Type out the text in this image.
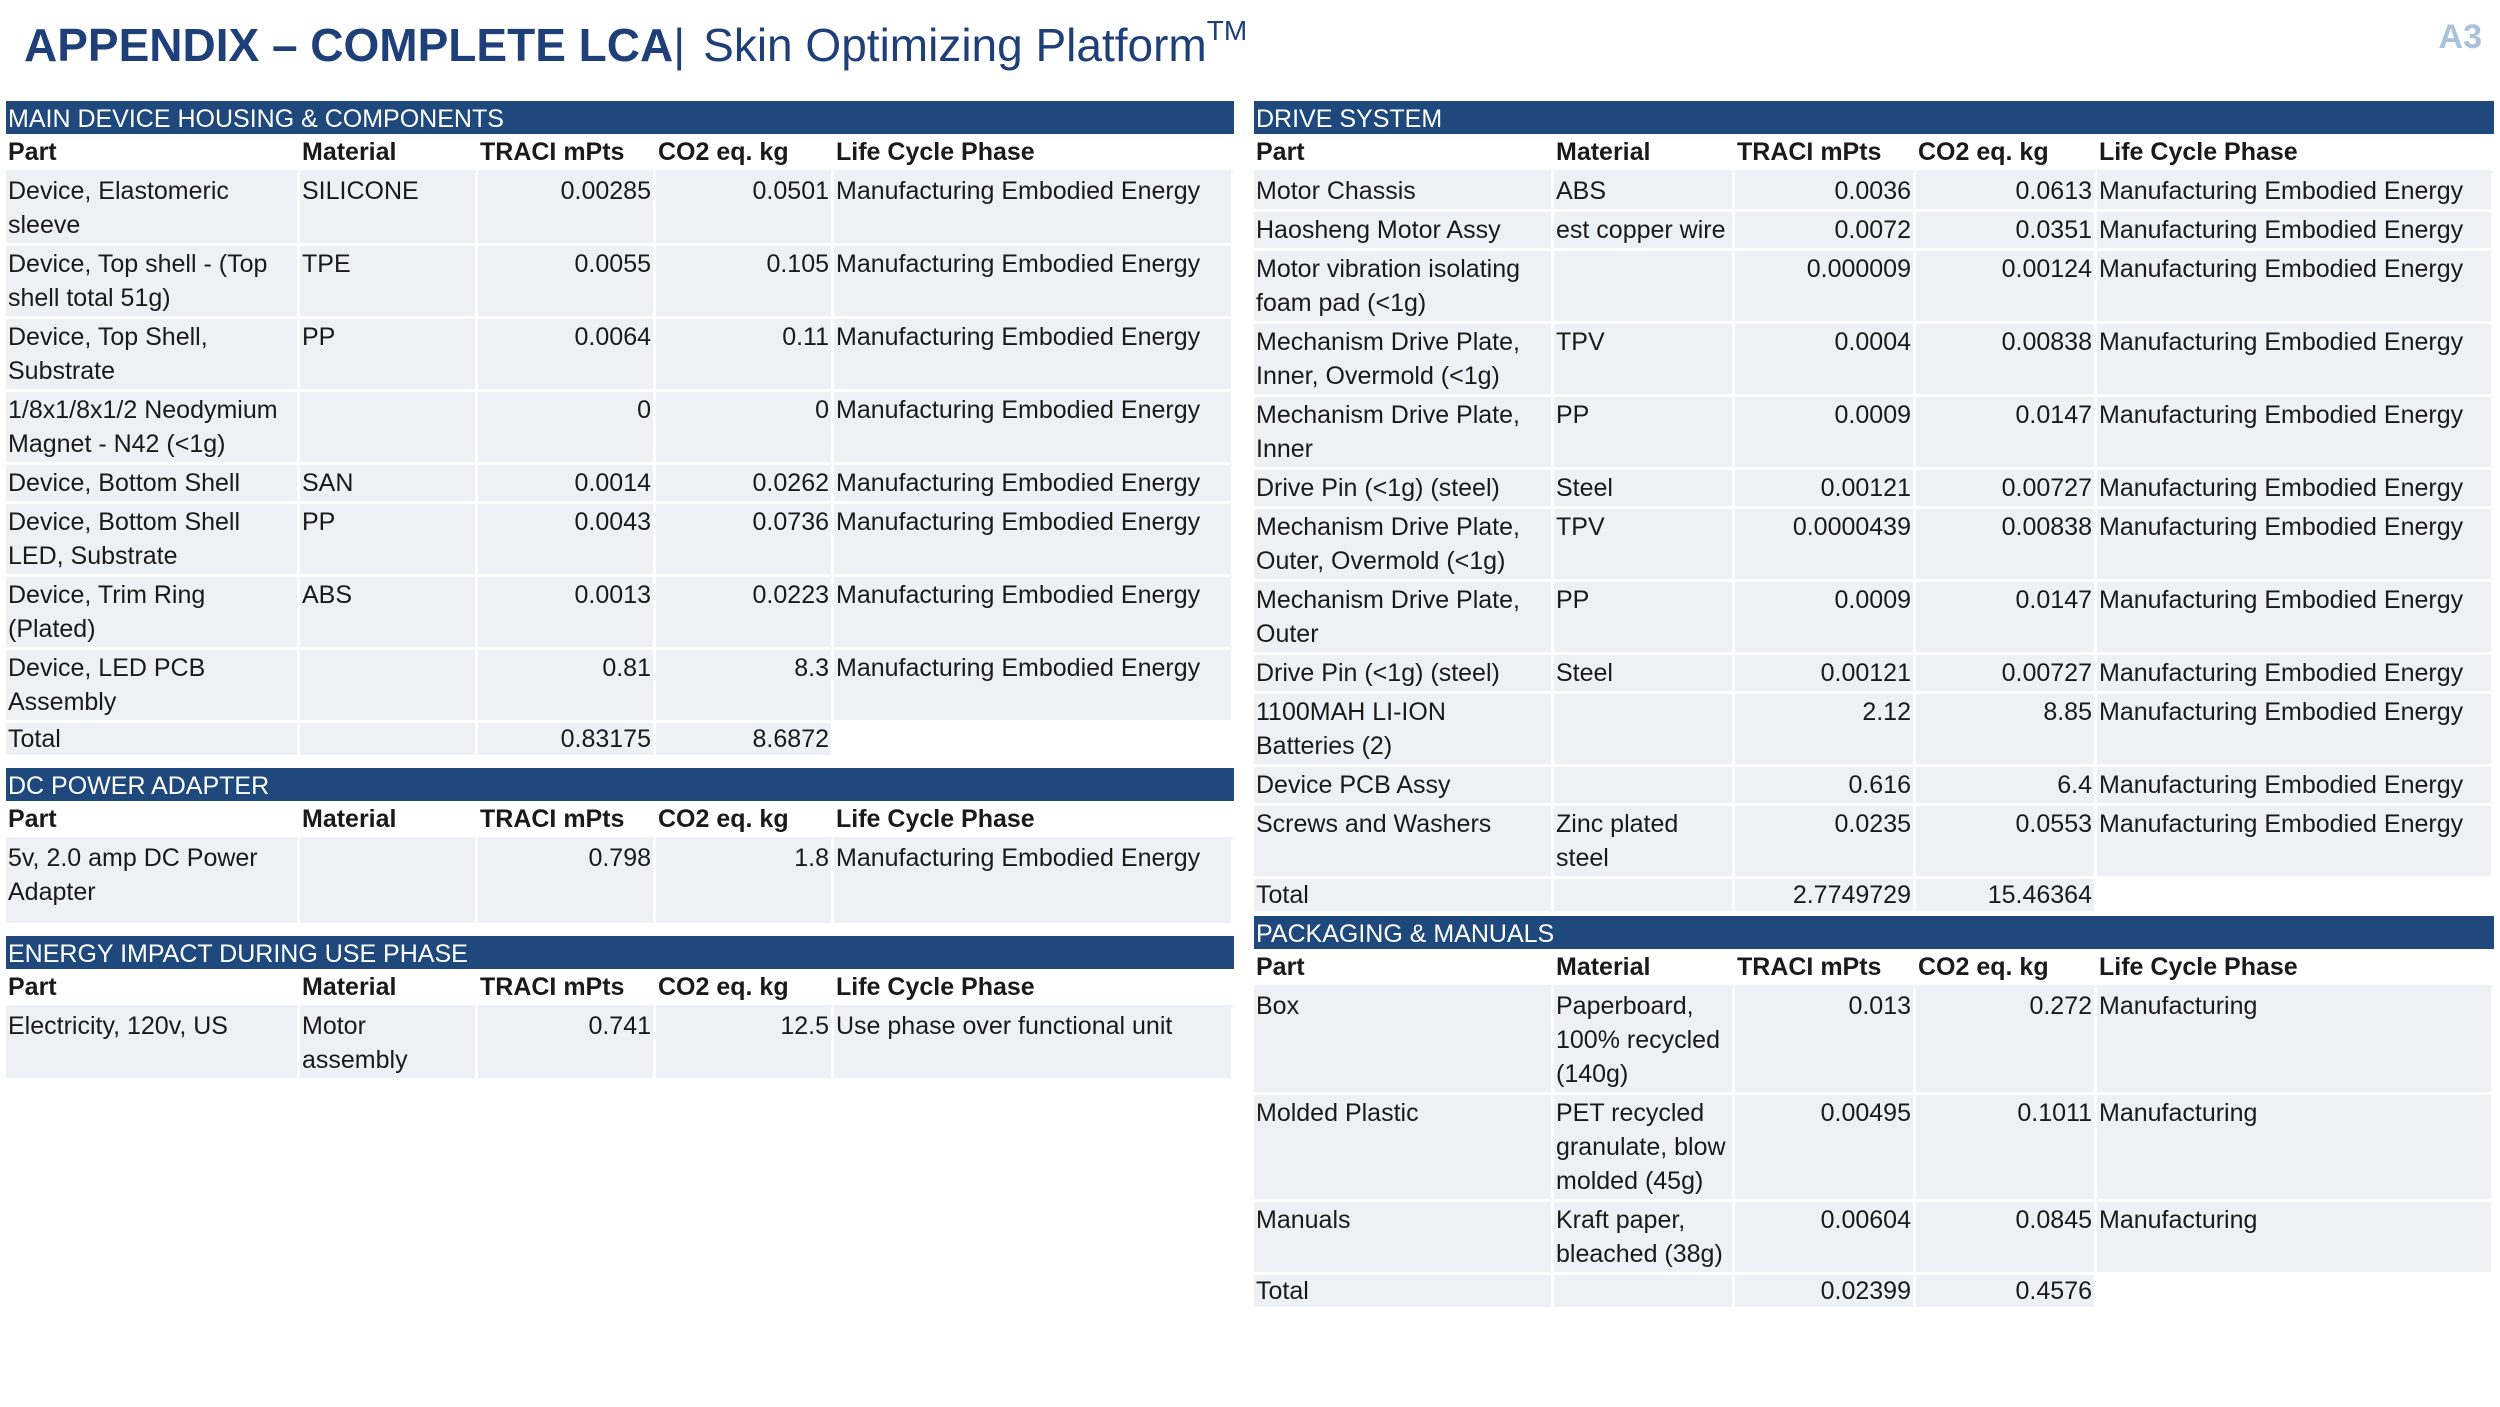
APPENDIX – COMPLETE LCA| Skin Optimizing Platform™	A3
MAIN DEVICE HOUSING & COMPONENTS
Part	Material	TRACI mPts	CO2 eq. kg	Life Cycle Phase
Device, Elastomeric sleeve	SILICONE	0.00285	0.0501	Manufacturing Embodied Energy
Device, Top shell - (Top shell total 51g)	TPE	0.0055	0.105	Manufacturing Embodied Energy
Device, Top Shell, Substrate	PP	0.0064	0.11	Manufacturing Embodied Energy
1/8x1/8x1/2 Neodymium Magnet - N42 (<1g)		0	0	Manufacturing Embodied Energy
Device, Bottom Shell	SAN	0.0014	0.0262	Manufacturing Embodied Energy
Device, Bottom Shell LED, Substrate	PP	0.0043	0.0736	Manufacturing Embodied Energy
Device, Trim Ring (Plated)	ABS	0.0013	0.0223	Manufacturing Embodied Energy
Device, LED PCB Assembly		0.81	8.3	Manufacturing Embodied Energy
Total		0.83175	8.6872	
DC POWER ADAPTER
Part	Material	TRACI mPts	CO2 eq. kg	Life Cycle Phase
5v, 2.0 amp DC Power Adapter		0.798	1.8	Manufacturing Embodied Energy
ENERGY IMPACT DURING USE PHASE
Part	Material	TRACI mPts	CO2 eq. kg	Life Cycle Phase
Electricity, 120v, US	Motor assembly	0.741	12.5	Use phase over functional unit
DRIVE SYSTEM
Part	Material	TRACI mPts	CO2 eq. kg	Life Cycle Phase
Motor Chassis	ABS	0.0036	0.0613	Manufacturing Embodied Energy
Haosheng Motor Assy	est copper wire	0.0072	0.0351	Manufacturing Embodied Energy
Motor vibration isolating foam pad (<1g)		0.000009	0.00124	Manufacturing Embodied Energy
Mechanism Drive Plate, Inner, Overmold (<1g)	TPV	0.0004	0.00838	Manufacturing Embodied Energy
Mechanism Drive Plate, Inner	PP	0.0009	0.0147	Manufacturing Embodied Energy
Drive Pin (<1g) (steel)	Steel	0.00121	0.00727	Manufacturing Embodied Energy
Mechanism Drive Plate, Outer, Overmold (<1g)	TPV	0.0000439	0.00838	Manufacturing Embodied Energy
Mechanism Drive Plate, Outer	PP	0.0009	0.0147	Manufacturing Embodied Energy
Drive Pin (<1g) (steel)	Steel	0.00121	0.00727	Manufacturing Embodied Energy
1100MAH LI-ION Batteries (2)		2.12	8.85	Manufacturing Embodied Energy
Device PCB Assy		0.616	6.4	Manufacturing Embodied Energy
Screws and Washers	Zinc plated steel	0.0235	0.0553	Manufacturing Embodied Energy
Total		2.7749729	15.46364	
PACKAGING & MANUALS
Part	Material	TRACI mPts	CO2 eq. kg	Life Cycle Phase
Box	Paperboard, 100% recycled (140g)	0.013	0.272	Manufacturing
Molded Plastic	PET recycled granulate, blow molded (45g)	0.00495	0.1011	Manufacturing
Manuals	Kraft paper, bleached (38g)	0.00604	0.0845	Manufacturing
Total		0.02399	0.4576	
